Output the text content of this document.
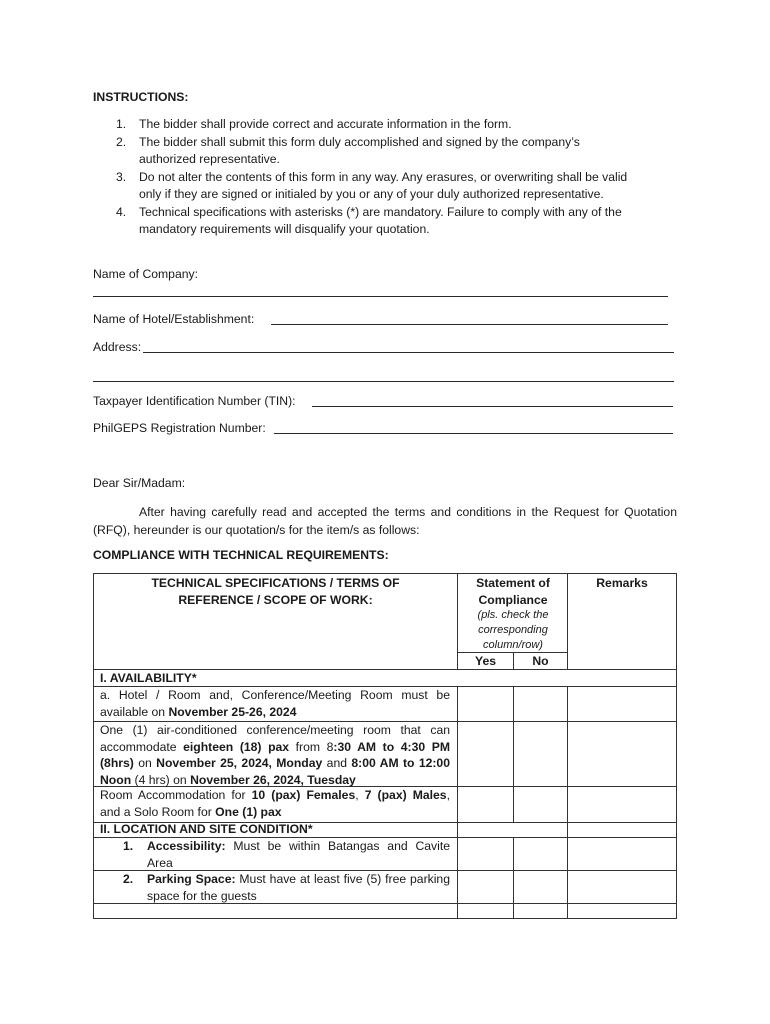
INSTRUCTIONS:
1. The bidder shall provide correct and accurate information in the form.
2. The bidder shall submit this form duly accomplished and signed by the company’s
authorized representative.
3. Do not alter the contents of this form in any way. Any erasures, or overwriting shall be valid
only if they are signed or initialed by you or any of your duly authorized representative.
4. Technical specifications with asterisks (*) are mandatory. Failure to comply with any of the
mandatory requirements will disqualify your quotation.
Name of Company:
Name of Hotel/Establishment:
Address:
Taxpayer Identification Number (TIN):
PhilGEPS Registration Number:
Dear Sir/Madam:
After having carefully read and accepted the terms and conditions in the Request for Quotation (RFQ), hereunder is our quotation/s for the item/s as follows:
COMPLIANCE WITH TECHNICAL REQUIREMENTS:
TECHNICAL SPECIFICATIONS / TERMS OF REFERENCE / SCOPE OF WORK:
Statement of Compliance
(pls. check the corresponding column/row)
Yes	No
Remarks
I. AVAILABILITY*
a. Hotel / Room and, Conference/Meeting Room must be available on November 25-26, 2024
One (1) air-conditioned conference/meeting room that can accommodate eighteen (18) pax from 8:30 AM to 4:30 PM (8hrs) on November 25, 2024, Monday and 8:00 AM to 12:00 Noon (4 hrs) on November 26, 2024, Tuesday
Room Accommodation for 10 (pax) Females, 7 (pax) Males, and a Solo Room for One (1) pax
II. LOCATION AND SITE CONDITION*
1.	Accessibility: Must be within Batangas and Cavite Area
2.	Parking Space: Must have at least five (5) free parking space for the guests
